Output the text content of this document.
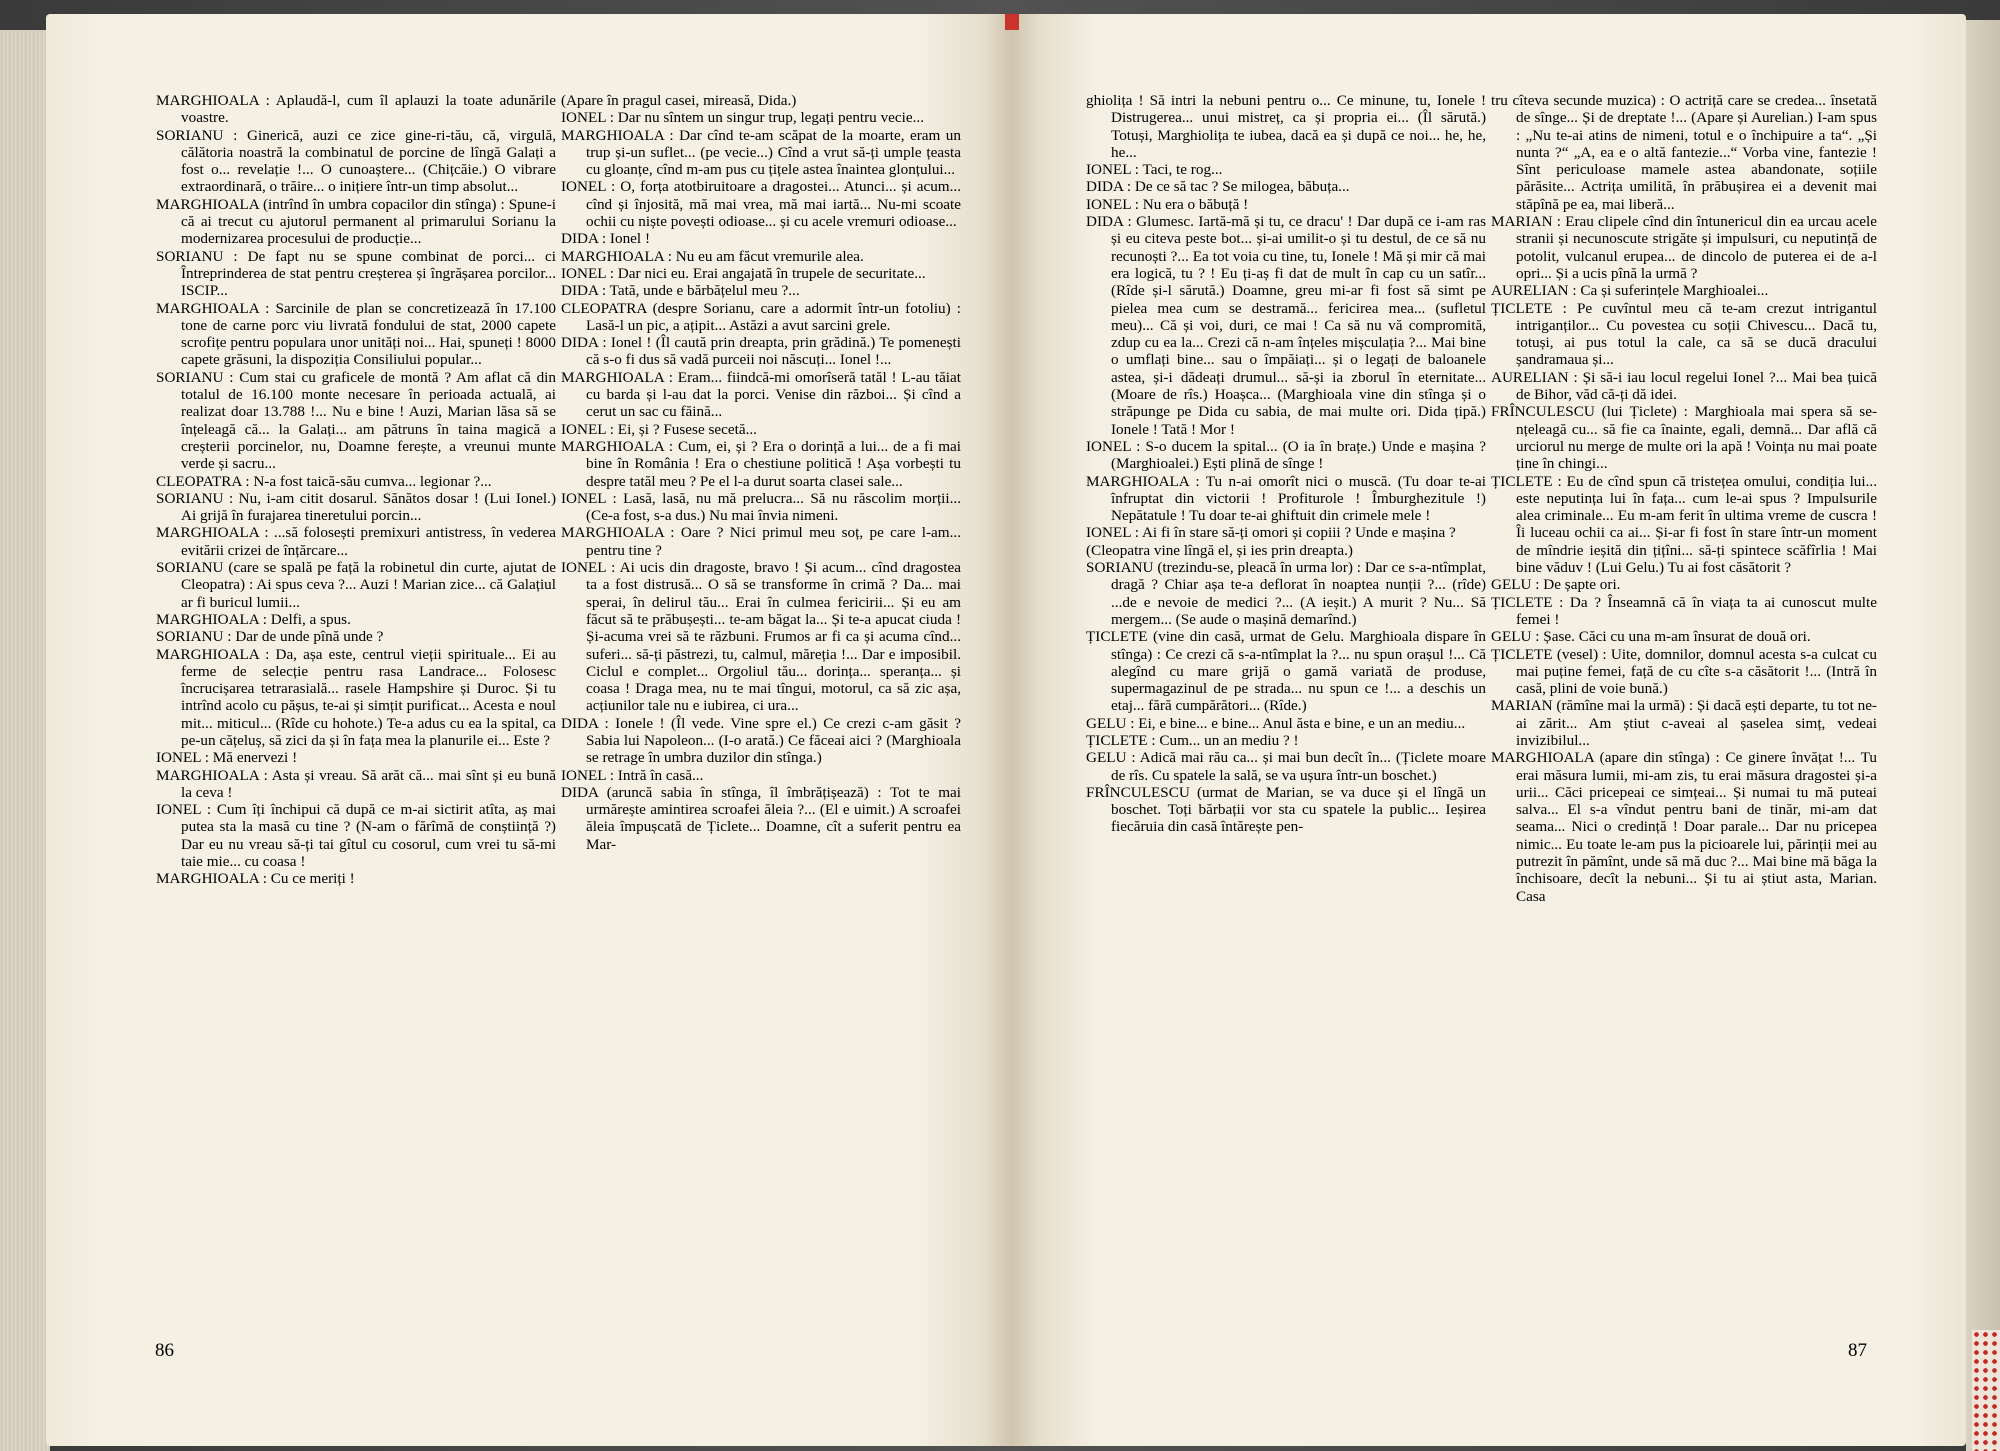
MARGHIOALA : Aplaudă-l, cum îl aplauzi la toate adunările voastre.

SORIANU : Ginerică, auzi ce zice gine-ri-tău, că, virgulă, călătoria noastră la combinatul de porcine de lîngă Galați a fost o... revelație !... O cunoaștere... (Chițcăie.) O vibrare extraordinară, o trăire... o inițiere într-un timp absolut...

MARGHIOALA (intrînd în umbra copacilor din stînga) : Spune-i că ai trecut cu ajutorul permanent al primarului Sorianu la modernizarea procesului de producție...

SORIANU : De fapt nu se spune combinat de porci... ci Întreprinderea de stat pentru creșterea și îngrășarea porcilor... ISCIP...

MARGHIOALA : Sarcinile de plan se concretizează în 17.100 tone de carne porc viu livrată fondului de stat, 2000 capete scrofițe pentru populara unor unități noi... Hai, spuneți ! 8000 capete grăsuni, la dispoziția Consiliului popular...

SORIANU : Cum stai cu graficele de montă ? Am aflat că din totalul de 16.100 monte necesare în perioada actuală, ai realizat doar 13.788 !... Nu e bine ! Auzi, Marian lăsa să se înțeleagă că... la Galați... am pătruns în taina magică a creșterii porcinelor, nu, Doamne ferește, a vreunui munte verde și sacru...

CLEOPATRA : N-a fost taică-său cumva... legionar ?...

SORIANU : Nu, i-am citit dosarul. Sănătos dosar ! (Lui Ionel.) Ai grijă în furajarea tineretului porcin...

MARGHIOALA : ...să folosești premixuri antistress, în vederea evitării crizei de înțărcare...

SORIANU (care se spală pe față la robinetul din curte, ajutat de Cleopatra) : Ai spus ceva ?... Auzi ! Marian zice... că Galațiul ar fi buricul lumii...

MARGHIOALA : Delfi, a spus.

SORIANU : Dar de unde pînă unde ?

MARGHIOALA : Da, așa este, centrul vieții spirituale... Ei au ferme de selecție pentru rasa Landrace... Folosesc încrucișarea tetrarasială... rasele Hampshire și Duroc. Și tu intrînd acolo cu pășus, te-ai și simțit purificat... Acesta e noul mit... miticul... (Rîde cu hohote.) Te-a adus cu ea la spital, ca pe-un cățeluș, să zici da și în fața mea la planurile ei... Este ?

IONEL : Mă enervezi !

MARGHIOALA : Asta și vreau. Să arăt că... mai sînt și eu bună la ceva !

IONEL : Cum îți închipui că după ce m-ai sictirit atîta, aș mai putea sta la masă cu tine ? (N-am o fărîmă de conștiință ?) Dar eu nu vreau să-ți tai gîtul cu cosorul, cum vrei tu să-mi taie mie... cu coasa !

MARGHIOALA : Cu ce meriți !

(Apare în pragul casei, mireasă, Dida.)

IONEL : Dar nu sîntem un singur trup, legați pentru vecie...

MARGHIOALA : Dar cînd te-am scăpat de la moarte, eram un trup și-un suflet... (pe vecie...) Cînd a vrut să-ți umple țeasta cu gloanțe, cînd m-am pus cu țițele astea înaintea glonțului...

IONEL : O, forța atotbiruitoare a dragostei... Atunci... și acum... cînd și înjosită, mă mai vrea, mă mai iartă... Nu-mi scoate ochii cu niște povești odioase... și cu acele vremuri odioase...

DIDA : Ionel !

MARGHIOALA : Nu eu am făcut vremurile alea.

IONEL : Dar nici eu. Erai angajată în trupele de securitate...

DIDA : Tată, unde e bărbățelul meu ?...

CLEOPATRA (despre Sorianu, care a adormit într-un fotoliu) : Lasă-l un pic, a ațipit... Astăzi a avut sarcini grele.

DIDA : Ionel ! (Îl caută prin dreapta, prin grădină.) Te pomenești că s-o fi dus să vadă purceii noi născuți... Ionel !...

MARGHIOALA : Eram... fiindcă-mi omorîseră tatăl ! L-au tăiat cu barda și l-au dat la porci. Venise din război... Și cînd a cerut un sac cu făină...

IONEL : Ei, și ? Fusese secetă...

MARGHIOALA : Cum, ei, și ? Era o dorință a lui... de a fi mai bine în România ! Era o chestiune politică ! Așa vorbești tu despre tatăl meu ? Pe el l-a durut soarta clasei sale...

IONEL : Lasă, lasă, nu mă prelucra... Să nu răscolim morții... (Ce-a fost, s-a dus.) Nu mai învia nimeni.

MARGHIOALA : Oare ? Nici primul meu soț, pe care l-am... pentru tine ?

IONEL : Ai ucis din dragoste, bravo ! Și acum... cînd dragostea ta a fost distrusă... O să se transforme în crimă ? Da... mai sperai, în delirul tău... Erai în culmea fericirii... Și eu am făcut să te prăbușești... te-am băgat la... Și te-a apucat ciuda ! Și-acuma vrei să te răzbuni. Frumos ar fi ca și acuma cînd... suferi... să-ți păstrezi, tu, calmul, măreția !... Dar e imposibil. Ciclul e complet... Orgoliul tău... dorința... speranța... și coasa ! Draga mea, nu te mai tîngui, motorul, ca să zic așa, acțiunilor tale nu e iubirea, ci ura...

DIDA : Ionele ! (Îl vede. Vine spre el.) Ce crezi c-am găsit ? Sabia lui Napoleon... (I-o arată.) Ce făceai aici ? (Marghioala se retrage în umbra duzilor din stînga.)

IONEL : Intră în casă...

DIDA (aruncă sabia în stînga, îl îmbrățișează) : Tot te mai urmărește amintirea scroafei ăleia ?... (El e uimit.) A scroafei ăleia împușcată de Țiclete... Doamne, cît a suferit pentru ea Mar-

ghiolița ! Să intri la nebuni pentru o... Ce minune, tu, Ionele ! Distrugerea... unui mistreț, ca și propria ei... (Îl sărută.) Totuși, Marghiolița te iubea, dacă ea și după ce noi... he, he, he...

IONEL : Taci, te rog...

DIDA : De ce să tac ? Se milogea, băbuța...

IONEL : Nu era o băbuță !

DIDA : Glumesc. Iartă-mă și tu, ce dracu' ! Dar după ce i-am ras și eu citeva peste bot... și-ai umilit-o și tu destul, de ce să nu recunoști ?... Ea tot voia cu tine, tu, Ionele ! Mă și mir că mai era logică, tu ? ! Eu ți-aș fi dat de mult în cap cu un satîr... (Rîde și-l sărută.) Doamne, greu mi-ar fi fost să simt pe pielea mea cum se destramă... fericirea mea... (sufletul meu)... Că și voi, duri, ce mai ! Ca să nu vă compromită, zdup cu ea la... Crezi că n-am înțeles mișculația ?... Mai bine o umflați bine... sau o împăiați... și o legați de baloanele astea, și-i dădeați drumul... să-și ia zborul în eternitate... (Moare de rîs.) Hoașca... (Marghioala vine din stînga și o străpunge pe Dida cu sabia, de mai multe ori. Dida țipă.) Ionele ! Tată ! Mor !

IONEL : S-o ducem la spital... (O ia în brațe.) Unde e mașina ? (Marghioalei.) Ești plină de sînge !

MARGHIOALA : Tu n-ai omorît nici o muscă. (Tu doar te-ai înfruptat din victorii ! Profiturole ! Îmburghezitule !) Nepătatule ! Tu doar te-ai ghiftuit din crimele mele !

IONEL : Ai fi în stare să-ți omori și copiii ? Unde e mașina ?

(Cleopatra vine lîngă el, și ies prin dreapta.)

SORIANU (trezindu-se, pleacă în urma lor) : Dar ce s-a-ntîmplat, dragă ? Chiar așa te-a deflorat în noaptea nunții ?... (rîde) ...de e nevoie de medici ?... (A ieșit.) A murit ? Nu... Să mergem... (Se aude o mașină demarînd.)

ȚICLETE (vine din casă, urmat de Gelu. Marghioala dispare în stînga) : Ce crezi că s-a-ntîmplat la ?... nu spun orașul !... Că alegînd cu mare grijă o gamă variată de produse, supermagazinul de pe strada... nu spun ce !... a deschis un etaj... fără cumpărători... (Rîde.)

GELU : Ei, e bine... e bine... Anul ăsta e bine, e un an mediu...

ȚICLETE : Cum... un an mediu ? !

GELU : Adică mai rău ca... și mai bun decît în... (Țiclete moare de rîs. Cu spatele la sală, se va ușura într-un boschet.)

FRÎNCULESCU (urmat de Marian, se va duce și el lîngă un boschet. Toți bărbații vor sta cu spatele la public... Ieșirea fiecăruia din casă întărește pen-

tru cîteva secunde muzica) : O actriță care se credea... însetată de sînge... Și de dreptate !... (Apare și Aurelian.) I-am spus : „Nu te-ai atins de nimeni, totul e o închipuire a ta“. „Și nunta ?“ „A, ea e o altă fantezie...“ Vorba vine, fantezie ! Sînt periculoase mamele astea abandonate, soțiile părăsite... Actrița umilită, în prăbușirea ei a devenit mai stăpînă pe ea, mai liberă...

MARIAN : Erau clipele cînd din întunericul din ea urcau acele stranii și necunoscute strigăte și impulsuri, cu neputință de potolit, vulcanul erupea... de dincolo de puterea ei de a-l opri... Și a ucis pînă la urmă ?

AURELIAN : Ca și suferințele Marghioalei...

ȚICLETE : Pe cuvîntul meu că te-am crezut intrigantul intriganților... Cu povestea cu soții Chivescu... Dacă tu, totuși, ai pus totul la cale, ca să se ducă dracului șandramaua și...

AURELIAN : Și să-i iau locul regelui Ionel ?... Mai bea țuică de Bihor, văd că-ți dă idei.

FRÎNCULESCU (lui Țiclete) : Marghioala mai spera să se-nțeleagă cu... să fie ca înainte, egali, demnă... Dar află că urciorul nu merge de multe ori la apă ! Voința nu mai poate ține în chingi...

ȚICLETE : Eu de cînd spun că tristețea omului, condiția lui... este neputința lui în fața... cum le-ai spus ? Impulsurile alea criminale... Eu m-am ferit în ultima vreme de cuscra ! Îi luceau ochii ca ai... Și-ar fi fost în stare într-un moment de mîndrie ieșită din țițîni... să-ți spintece scăfîrlia ! Mai bine văduv ! (Lui Gelu.) Tu ai fost căsătorit ?

GELU : De șapte ori.

ȚICLETE : Da ? Înseamnă că în viața ta ai cunoscut multe femei !

GELU : Șase. Căci cu una m-am însurat de două ori.

ȚICLETE (vesel) : Uite, domnilor, domnul acesta s-a culcat cu mai puține femei, față de cu cîte s-a căsătorit !... (Intră în casă, plini de voie bună.)

MARIAN (rămîne mai la urmă) : Și dacă ești departe, tu tot ne-ai zărit... Am știut c-aveai al șaselea simț, vedeai invizibilul...

MARGHIOALA (apare din stînga) : Ce ginere învățat !... Tu erai măsura lumii, mi-am zis, tu erai măsura dragostei și-a urii... Căci pricepeai ce simțeai... Și numai tu mă puteai salva... El s-a vîndut pentru bani de tinăr, mi-am dat seama... Nici o credință ! Doar parale... Dar nu pricepea nimic... Eu toate le-am pus la picioarele lui, părinții mei au putrezit în pămînt, unde să mă duc ?... Mai bine mă băga la închisoare, decît la nebuni... Și tu ai știut asta, Marian. Casa

86	87
